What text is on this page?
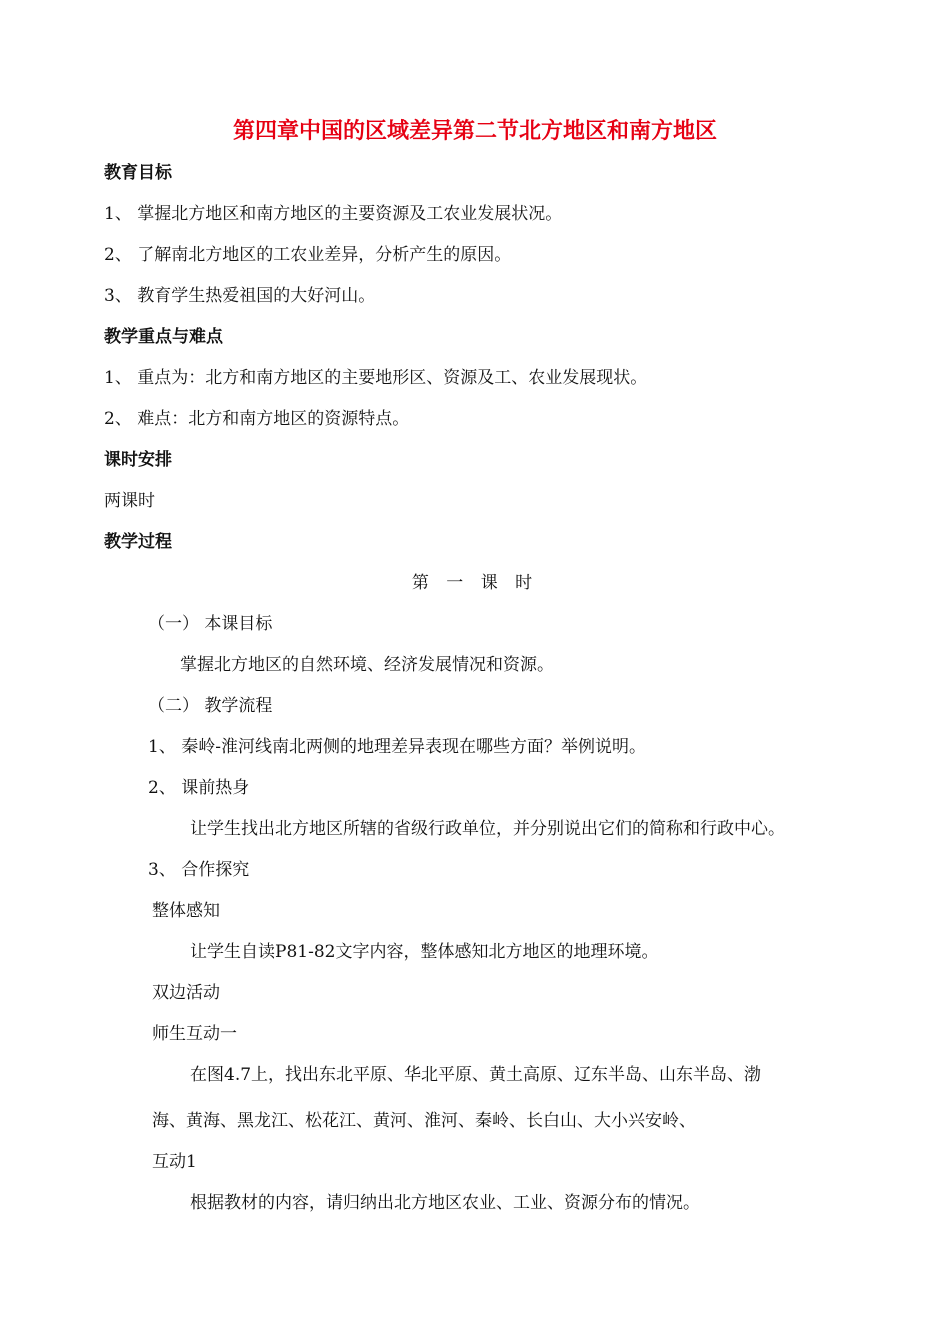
第四章中国的区域差异第二节北方地区和南方地区
教育目标
1、 掌握北方地区和南方地区的主要资源及工农业发展状况。
2、 了解南北方地区的工农业差异，分析产生的原因。
3、 教育学生热爱祖国的大好河山。
教学重点与难点
1、 重点为：北方和南方地区的主要地形区、资源及工、农业发展现状。
2、 难点：北方和南方地区的资源特点。
课时安排
两课时
教学过程
第 一 课 时
（一） 本课目标
掌握北方地区的自然环境、经济发展情况和资源。
（二） 教学流程
1、 秦岭-淮河线南北两侧的地理差异表现在哪些方面？举例说明。
2、 课前热身
让学生找出北方地区所辖的省级行政单位，并分别说出它们的简称和行政中心。
3、 合作探究
整体感知
让学生自读P81-82文字内容，整体感知北方地区的地理环境。
双边活动
师生互动一
在图4.7上，找出东北平原、华北平原、黄土高原、辽东半岛、山东半岛、渤
海、黄海、黑龙江、松花江、黄河、淮河、秦岭、长白山、大小兴安岭、
互动1
根据教材的内容，请归纳出北方地区农业、工业、资源分布的情况。
